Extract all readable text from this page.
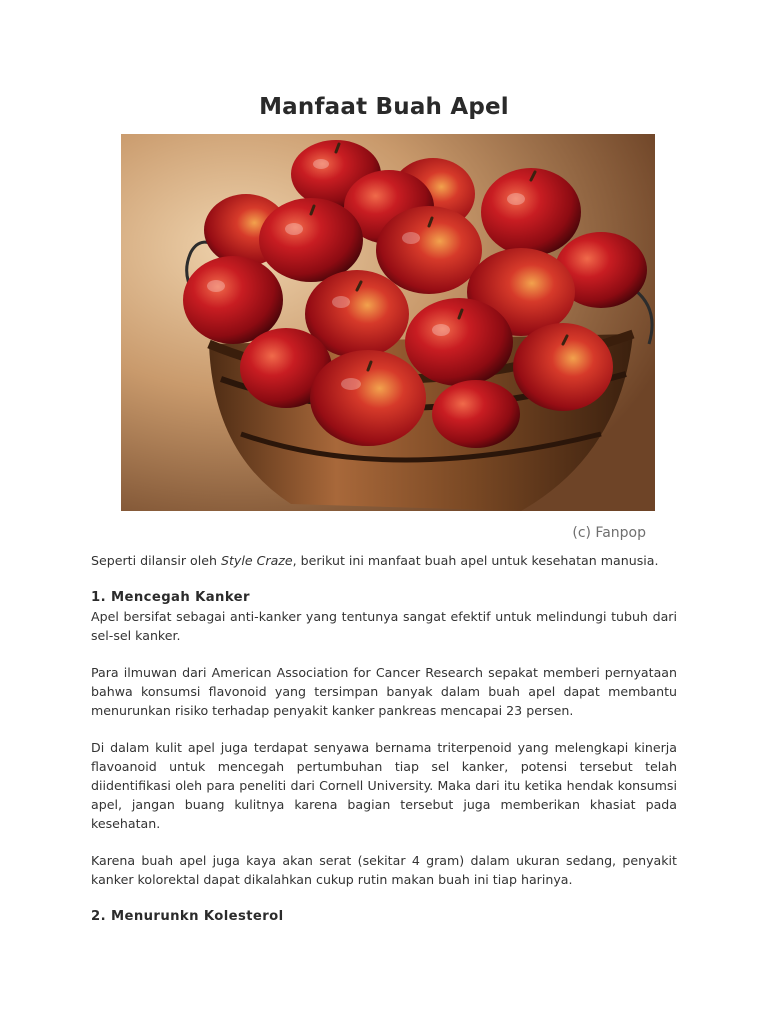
Manfaat Buah Apel
(c) Fanpop

Seperti dilansir oleh Style Craze, berikut ini manfaat buah apel untuk kesehatan manusia.

1. Mencegah Kanker

Apel bersifat sebagai anti-kanker yang tentunya sangat efektif untuk melindungi tubuh dari sel-sel kanker.

Para ilmuwan dari American Association for Cancer Research sepakat memberi pernyataan bahwa konsumsi flavonoid yang tersimpan banyak dalam buah apel dapat membantu menurunkan risiko terhadap penyakit kanker pankreas mencapai 23 persen.

Di dalam kulit apel juga terdapat senyawa bernama triterpenoid yang melengkapi kinerja flavoanoid untuk mencegah pertumbuhan tiap sel kanker, potensi tersebut telah diidentifikasi oleh para peneliti dari Cornell University. Maka dari itu ketika hendak konsumsi apel, jangan buang kulitnya karena bagian tersebut juga memberikan khasiat pada kesehatan.

Karena buah apel juga kaya akan serat (sekitar 4 gram) dalam ukuran sedang, penyakit kanker kolorektal dapat dikalahkan cukup rutin makan buah ini tiap harinya.

2. Menurunkn Kolesterol
